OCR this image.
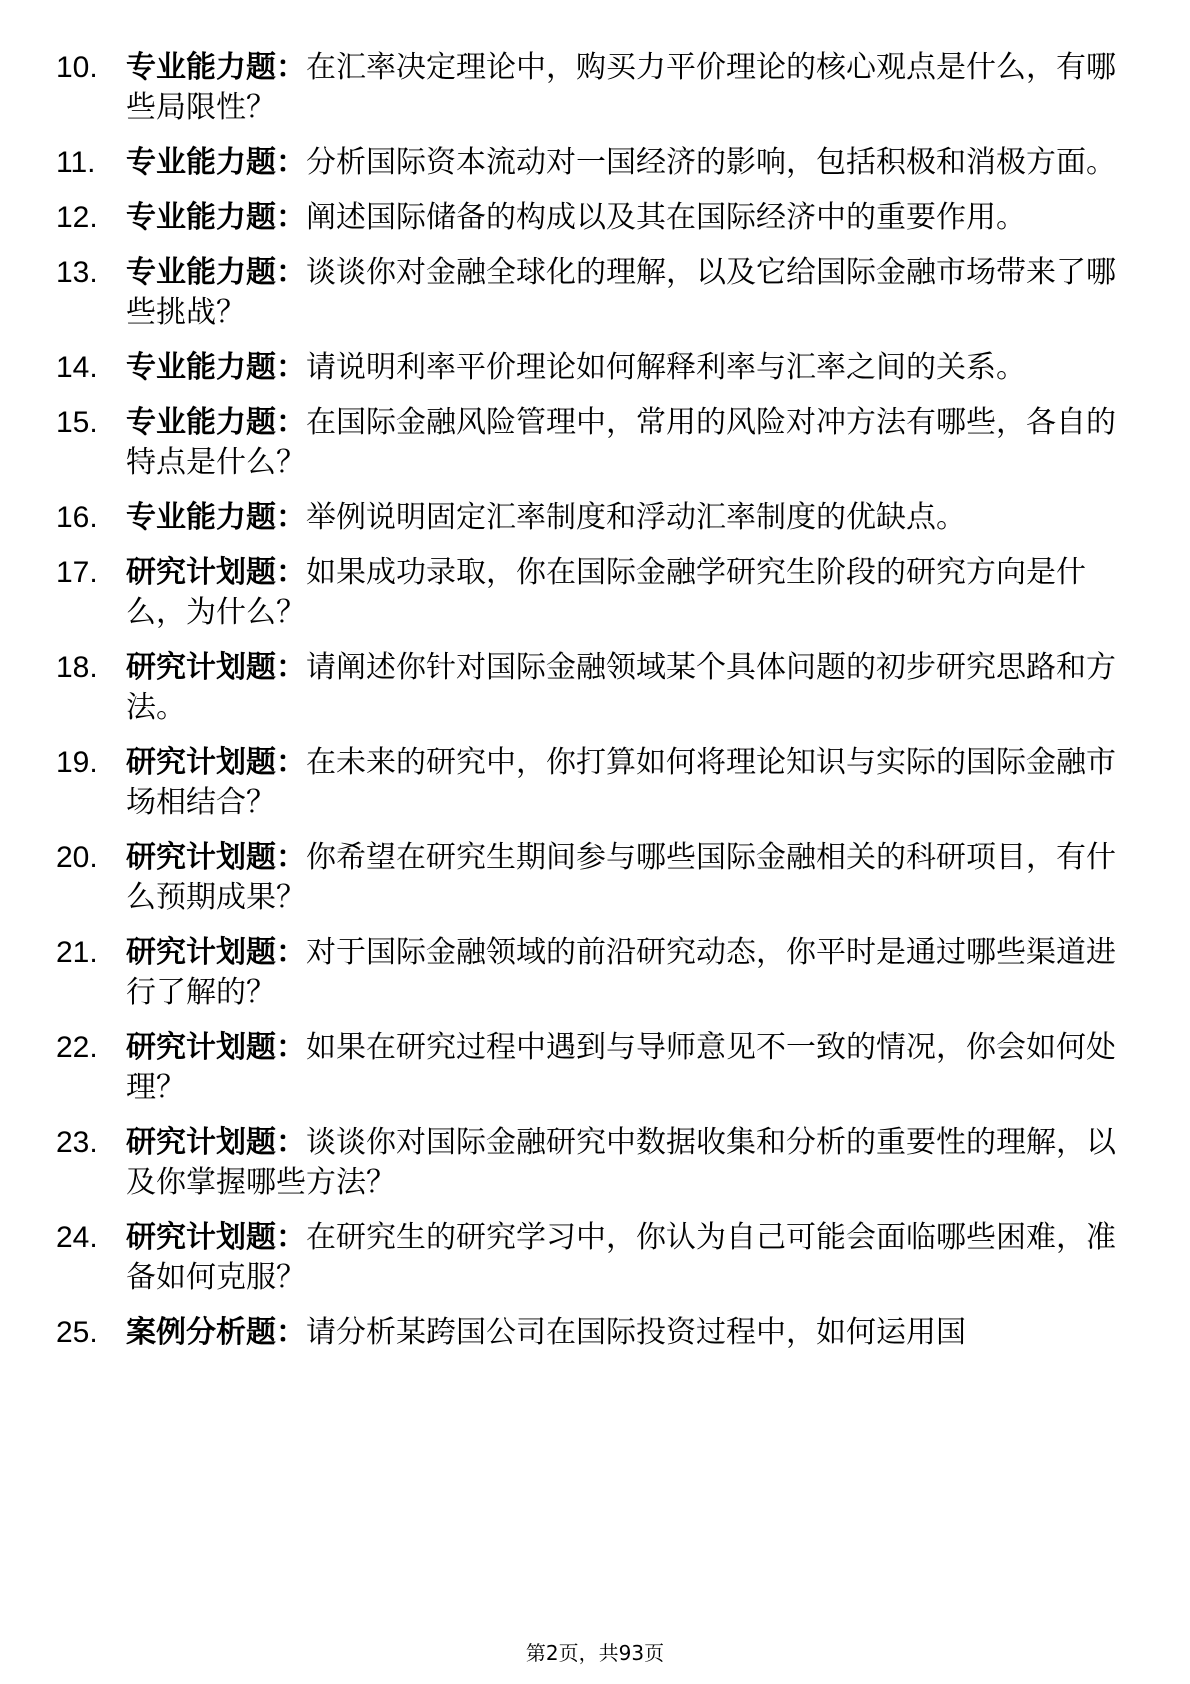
10. 专业能力题：在汇率决定理论中，购买力平价理论的核心观点是什么，有哪些局限性？
11.	专业能力题：分析国际资本流动对一国经济的影响，包括积极和消极方面。
12. 专业能力题：阐述国际储备的构成以及其在国际经济中的重要作用。
13. 专业能力题：谈谈你对金融全球化的理解，以及它给国际金融市场带来了哪些挑战？
14. 专业能力题：请说明利率平价理论如何解释利率与汇率之间的关系。
15. 专业能力题：在国际金融风险管理中，常用的风险对冲方法有哪些，各自的特点是什么？
16. 专业能力题：举例说明固定汇率制度和浮动汇率制度的优缺点。
17. 研究计划题：如果成功录取，你在国际金融学研究生阶段的研究方向是什么，为什么？
18. 研究计划题：请阐述你针对国际金融领域某个具体问题的初步研究思路和方法。
19. 研究计划题：在未来的研究中，你打算如何将理论知识与实际的国际金融市场相结合？
20. 研究计划题：你希望在研究生期间参与哪些国际金融相关的科研项目，有什么预期成果？
21. 研究计划题：对于国际金融领域的前沿研究动态，你平时是通过哪些渠道进行了解的？
22. 研究计划题：如果在研究过程中遇到与导师意见不一致的情况，你会如何处理？
23. 研究计划题：谈谈你对国际金融研究中数据收集和分析的重要性的理解，以及你掌握哪些方法？
24. 研究计划题：在研究生的研究学习中，你认为自己可能会面临哪些困难，准备如何克服？
25. 案例分析题：请分析某跨国公司在国际投资过程中，如何运用国
第2页，共93页
